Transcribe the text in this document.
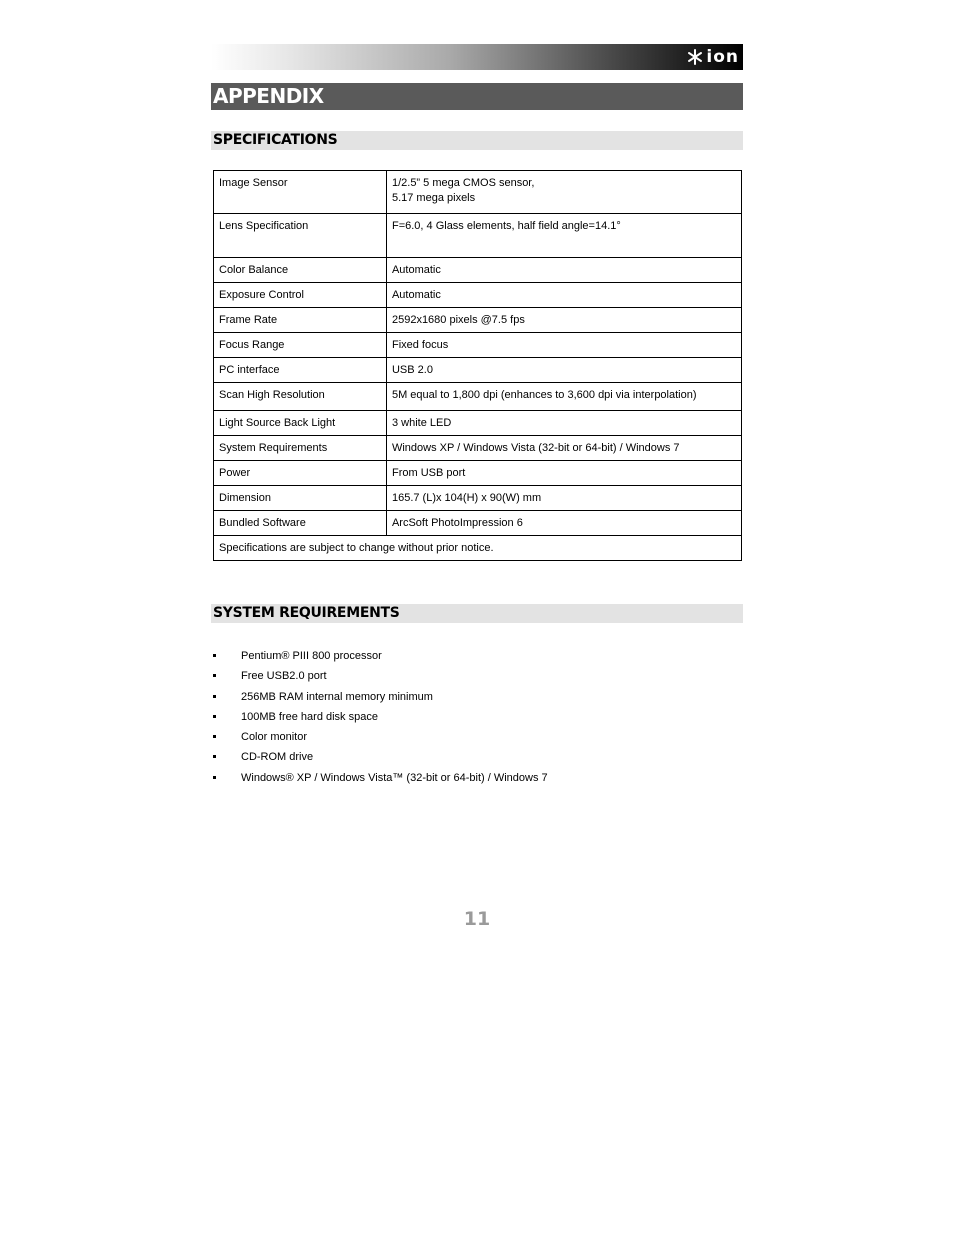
ion
APPENDIX
SPECIFICATIONS
Image Sensor	1/2.5” 5 mega CMOS sensor,
5.17 mega pixels
Lens Specification	F=6.0, 4 Glass elements, half field angle=14.1°
Color Balance	Automatic
Exposure Control	Automatic
Frame Rate	2592x1680 pixels @7.5 fps
Focus Range	Fixed focus
PC interface	USB 2.0
Scan High Resolution	5M equal to 1,800 dpi (enhances to 3,600 dpi via interpolation)
Light Source Back Light	3 white LED
System Requirements	Windows XP / Windows Vista (32-bit or 64-bit) / Windows 7
Power	From USB port
Dimension	165.7 (L)x 104(H) x 90(W) mm
Bundled Software	ArcSoft PhotoImpression 6
Specifications are subject to change without prior notice.	
SYSTEM REQUIREMENTS
Pentium® PIII 800 processor
Free USB2.0 port
256MB RAM internal memory minimum
100MB free hard disk space
Color monitor
CD-ROM drive
Windows® XP / Windows Vista™ (32-bit or 64-bit) / Windows 7
11
